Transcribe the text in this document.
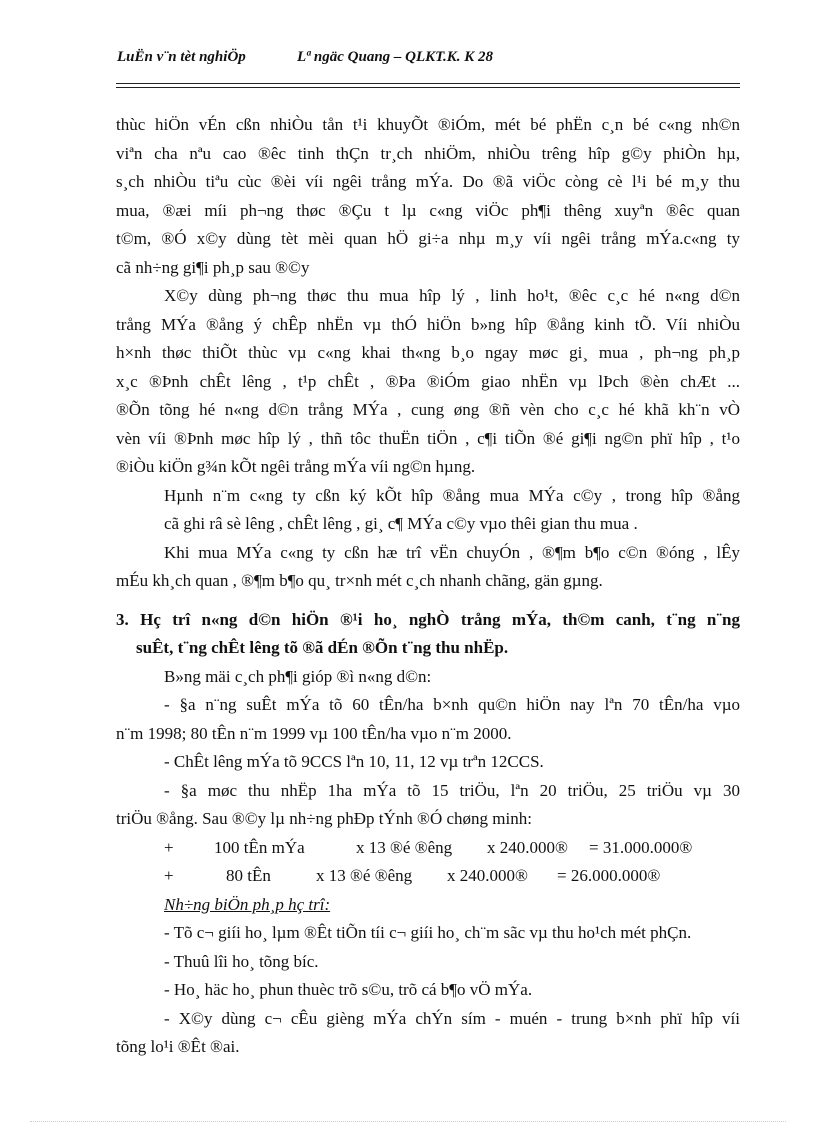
LuËn v¨n tèt nghiÖp	Lª ngäc Quang – QLKT.K. K 28
thùc hiÖn vÉn cßn nhiÒu tån t¹i khuyÕt ®iÓm, mét bé phËn c¸n bé c«ng nh©n
viªn cha nªu cao ®êc tinh thÇn tr¸ch nhiÖm, nhiÒu trêng hîp g©y phiÒn hµ,
s¸ch nhiÒu tiªu cùc ®èi víi ngêi trång mÝa. Do ®ã viÖc còng cè l¹i bé m¸y thu
mua, ®æi míi ph¬ng thøc ®Çu t lµ c«ng viÖc ph¶i thêng xuyªn ®êc quan
t©m, ®Ó x©y dùng tèt mèi quan hÖ gi÷a nhµ m¸y víi ngêi trång mÝa.c«ng ty
cã nh÷ng gi¶i ph¸p sau ®©y
X©y dùng ph¬ng thøc thu mua hîp lý , linh ho¹t, ®êc c¸c hé n«ng d©n
trång MÝa ®ång ý chÊp nhËn vµ thÓ hiÖn b»ng hîp ®ång kinh tÕ. Víi nhiÒu
h×nh thøc thiÕt thùc vµ c«ng khai th«ng b¸o ngay møc gi¸ mua , ph¬ng ph¸p
x¸c ®Þnh chÊt lêng , t¹p chÊt , ®Þa ®iÓm giao nhËn vµ lÞch ®èn chÆt ...
®Õn tõng hé n«ng d©n trång MÝa , cung øng ®ñ vèn cho c¸c hé khã kh¨n vÒ
vèn víi ®Þnh møc hîp lý , thñ tôc thuËn tiÖn , c¶i tiÕn ®é gi¶i ng©n phï hîp , t¹o
®iÒu kiÖn g¾n kÕt ngêi trång mÝa víi ng©n hµng.
Hµnh n¨m c«ng ty cßn ký kÕt hîp ®ång mua MÝa c©y , trong hîp ®ång
cã ghi râ sè lêng , chÊt lêng , gi¸ c¶ MÝa c©y vµo thêi gian thu mua .
Khi mua MÝa c«ng ty cßn hæ trî vËn chuyÓn , ®¶m b¶o c©n ®óng , lÊy
mÉu kh¸ch quan , ®¶m b¶o qu¸ tr×nh mét c¸ch nhanh chãng, gän gµng.
3. Hç trî n«ng d©n hiÖn ®¹i ho¸ nghÒ trång mÝa, th©m canh, t¨ng n¨ng
suÊt, t¨ng chÊt lêng tõ ®ã dÉn ®Õn t¨ng thu nhËp.
B»ng mäi c¸ch ph¶i gióp ®ì n«ng d©n:
- §a n¨ng suÊt mÝa tõ 60 tÊn/ha b×nh qu©n hiÖn nay lªn 70 tÊn/ha vµo
n¨m 1998; 80 tÊn n¨m 1999 vµ 100 tÊn/ha vµo n¨m 2000.
- ChÊt lêng mÝa tõ 9CCS lªn 10, 11, 12 vµ trªn 12CCS.
- §a møc thu nhËp 1ha mÝa tõ 15 triÖu, lªn 20 triÖu, 25 triÖu vµ 30
triÖu ®ång. Sau ®©y lµ nh÷ng phÐp tÝnh ®Ó chøng minh:
+ 100 tÊn mÝa	x 13 ®é ®êng x 240.000® = 31.000.000®
+	80 tÊn	x 13 ®é ®êng x 240.000® = 26.000.000®
Nh÷ng biÖn ph¸p hç trî:
- Tõ c¬ giíi ho¸ lµm ®Êt tiÕn tíi c¬ giíi ho¸ ch¨m sãc vµ thu ho¹ch mét phÇn.
- Thuû lîi ho¸ tõng bíc.
- Ho¸ häc ho¸ phun thuèc trõ s©u, trõ cá b¶o vÖ mÝa.
- X©y dùng c¬ cÊu gièng mÝa chÝn sím - muén - trung b×nh phï hîp víi
tõng lo¹i ®Êt ®ai.
